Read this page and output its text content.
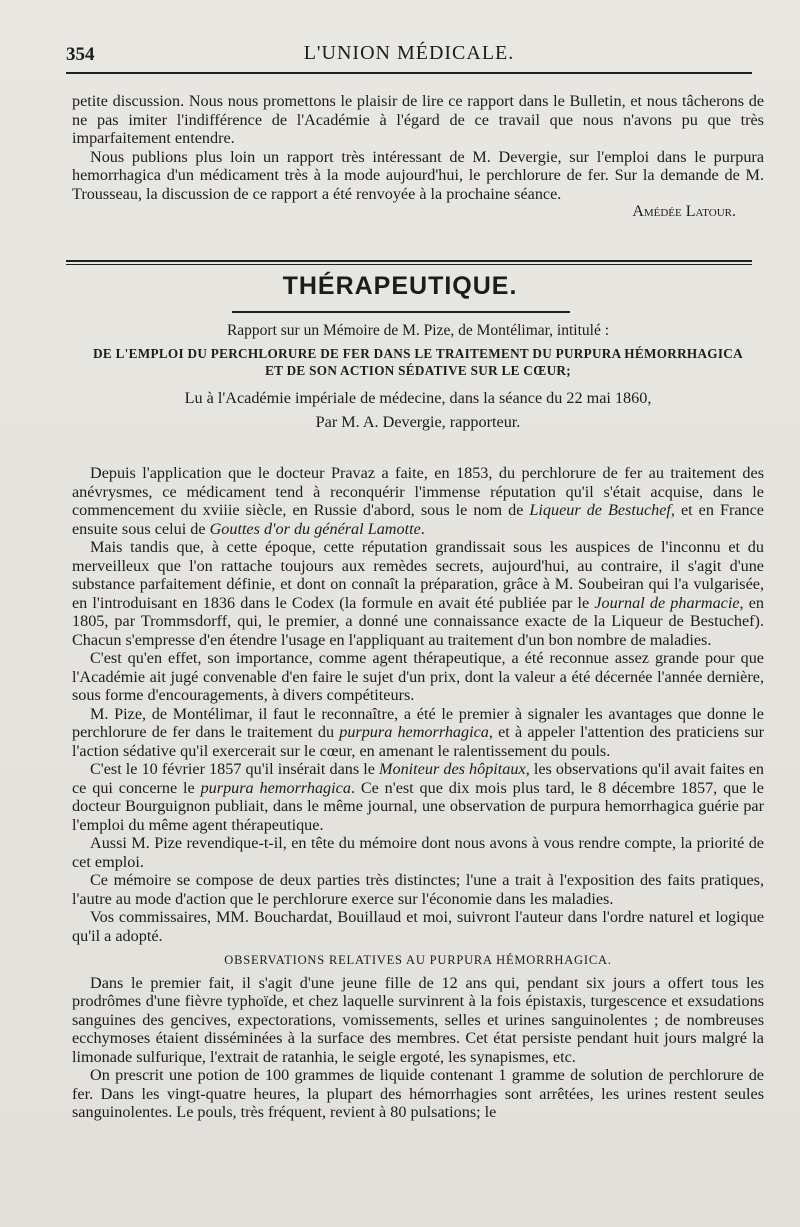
354	L'UNION MÉDICALE.

petite discussion. Nous nous promettons le plaisir de lire ce rapport dans le Bulletin, et nous tâcherons de ne pas imiter l'indifférence de l'Académie à l'égard de ce travail que nous n'avons pu que très imparfaitement entendre.

Nous publions plus loin un rapport très intéressant de M. Devergie, sur l'emploi dans le purpura hemorrhagica d'un médicament très à la mode aujourd'hui, le perchlorure de fer. Sur la demande de M. Trousseau, la discussion de ce rapport a été renvoyée à la prochaine séance.

Amédée Latour.
THÉRAPEUTIQUE.
Rapport sur un Mémoire de M. Pize, de Montélimar, intitulé :
DE L'EMPLOI DU PERCHLORURE DE FER DANS LE TRAITEMENT DU PURPURA HÉMORRHAGICA
ET DE SON ACTION SÉDATIVE SUR LE CŒUR;
Lu à l'Académie impériale de médecine, dans la séance du 22 mai 1860,
Par M. A. Devergie, rapporteur.

Depuis l'application que le docteur Pravaz a faite, en 1853, du perchlorure de fer au traitement des anévrysmes, ce médicament tend à reconquérir l'immense réputation qu'il s'était acquise, dans le commencement du xviiie siècle, en Russie d'abord, sous le nom de Liqueur de Bestuchef, et en France ensuite sous celui de Gouttes d'or du général Lamotte.

Mais tandis que, à cette époque, cette réputation grandissait sous les auspices de l'inconnu et du merveilleux que l'on rattache toujours aux remèdes secrets, aujourd'hui, au contraire, il s'agit d'une substance parfaitement définie, et dont on connaît la préparation, grâce à M. Soubeiran qui l'a vulgarisée, en l'introduisant en 1836 dans le Codex (la formule en avait été publiée par le Journal de pharmacie, en 1805, par Trommsdorff, qui, le premier, a donné une connaissance exacte de la Liqueur de Bestuchef). Chacun s'empresse d'en étendre l'usage en l'appliquant au traitement d'un bon nombre de maladies.

C'est qu'en effet, son importance, comme agent thérapeutique, a été reconnue assez grande pour que l'Académie ait jugé convenable d'en faire le sujet d'un prix, dont la valeur a été décernée l'année dernière, sous forme d'encouragements, à divers compétiteurs.

M. Pize, de Montélimar, il faut le reconnaître, a été le premier à signaler les avantages que donne le perchlorure de fer dans le traitement du purpura hemorrhagica, et à appeler l'attention des praticiens sur l'action sédative qu'il exercerait sur le cœur, en amenant le ralentissement du pouls.

C'est le 10 février 1857 qu'il insérait dans le Moniteur des hôpitaux, les observations qu'il avait faites en ce qui concerne le purpura hemorrhagica. Ce n'est que dix mois plus tard, le 8 décembre 1857, que le docteur Bourguignon publiait, dans le même journal, une observation de purpura hemorrhagica guérie par l'emploi du même agent thérapeutique.

Aussi M. Pize revendique-t-il, en tête du mémoire dont nous avons à vous rendre compte, la priorité de cet emploi.

Ce mémoire se compose de deux parties très distinctes; l'une a trait à l'exposition des faits pratiques, l'autre au mode d'action que le perchlorure exerce sur l'économie dans les maladies.

Vos commissaires, MM. Bouchardat, Bouillaud et moi, suivront l'auteur dans l'ordre naturel et logique qu'il a adopté.

OBSERVATIONS RELATIVES AU PURPURA HÉMORRHAGICA.

Dans le premier fait, il s'agit d'une jeune fille de 12 ans qui, pendant six jours a offert tous les prodrômes d'une fièvre typhoïde, et chez laquelle survinrent à la fois épistaxis, turgescence et exsudations sanguines des gencives, expectorations, vomissements, selles et urines sanguinolentes ; de nombreuses ecchymoses étaient disséminées à la surface des membres. Cet état persiste pendant huit jours malgré la limonade sulfurique, l'extrait de ratanhia, le seigle ergoté, les synapismes, etc.

On prescrit une potion de 100 grammes de liquide contenant 1 gramme de solution de perchlorure de fer. Dans les vingt-quatre heures, la plupart des hémorrhagies sont arrêtées, les urines restent seules sanguinolentes. Le pouls, très fréquent, revient à 80 pulsations; le
